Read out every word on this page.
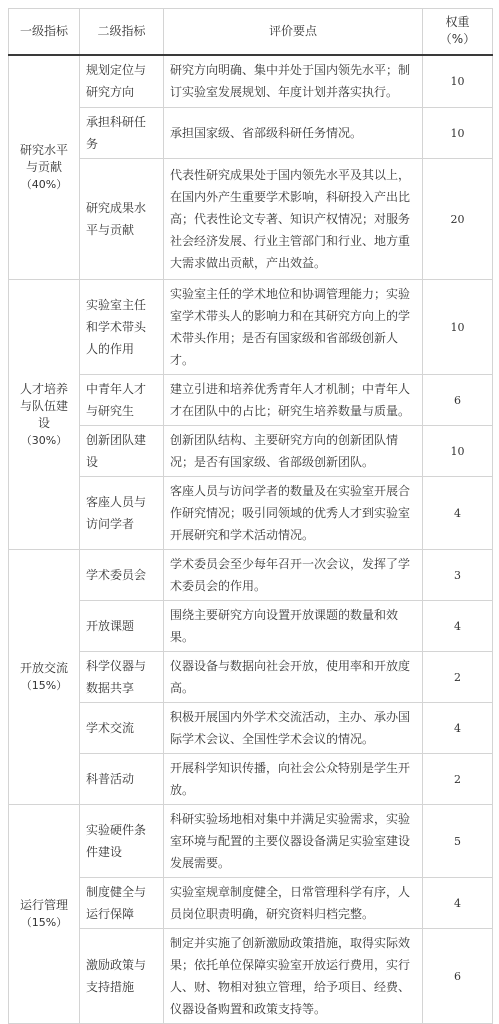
一级指标	二级指标	评价要点	权重
（%）

研究水平
与贡献
（40%）	规划定位与研究方向	研究方向明确、集中并处于国内领先水平；制订实验室发展规划、年度计划并落实执行。	10
	承担科研任务	承担国家级、省部级科研任务情况。	10
	研究成果水平与贡献	代表性研究成果处于国内领先水平及其以上，在国内外产生重要学术影响，科研投入产出比高；代表性论文专著、知识产权情况；对服务社会经济发展、行业主管部门和行业、地方重大需求做出贡献，产出效益。	20

人才培养
与队伍建
设
（30%）	实验室主任和学术带头人的作用	实验室主任的学术地位和协调管理能力；实验室学术带头人的影响力和在其研究方向上的学术带头作用；是否有国家级和省部级创新人才。	10
	中青年人才与研究生	建立引进和培养优秀青年人才机制；中青年人才在团队中的占比；研究生培养数量与质量。	6
	创新团队建设	创新团队结构、主要研究方向的创新团队情况；是否有国家级、省部级创新团队。	10
	客座人员与访问学者	客座人员与访问学者的数量及在实验室开展合作研究情况；吸引同领域的优秀人才到实验室开展研究和学术活动情况。	4

开放交流
（15%）	学术委员会	学术委员会至少每年召开一次会议，发挥了学术委员会的作用。	3
	开放课题	围绕主要研究方向设置开放课题的数量和效果。	4
	科学仪器与数据共享	仪器设备与数据向社会开放，使用率和开放度高。	2
	学术交流	积极开展国内外学术交流活动，主办、承办国际学术会议、全国性学术会议的情况。	4
	科普活动	开展科学知识传播，向社会公众特别是学生开放。	2

运行管理
（15%）	实验硬件条件建设	科研实验场地相对集中并满足实验需求，实验室环境与配置的主要仪器设备满足实验室建设发展需要。	5
	制度健全与运行保障	实验室规章制度健全，日常管理科学有序，人员岗位职责明确，研究资料归档完整。	4
	激励政策与支持措施	制定并实施了创新激励政策措施，取得实际效果；依托单位保障实验室开放运行费用，实行人、财、物相对独立管理，给予项目、经费、仪器设备购置和政策支持等。	6
